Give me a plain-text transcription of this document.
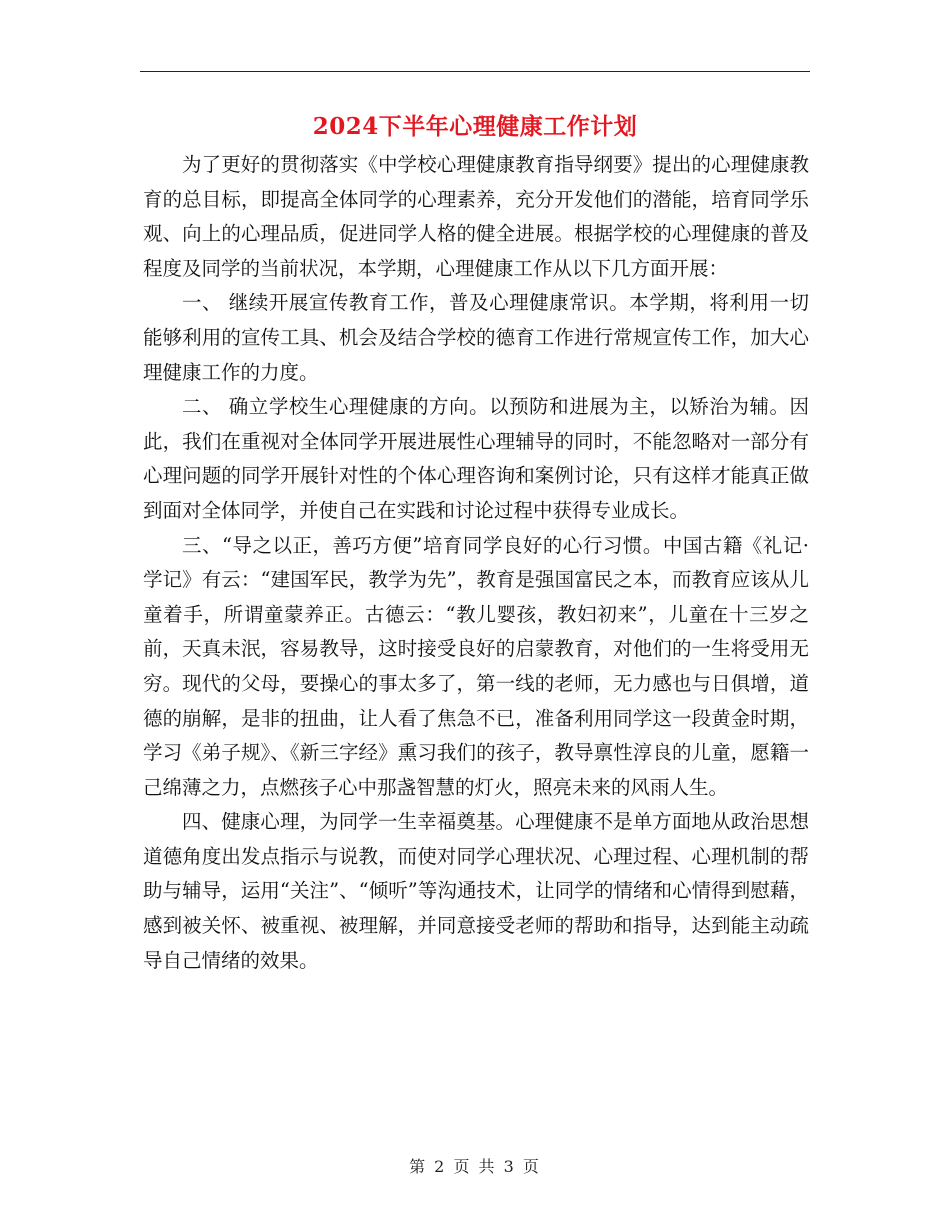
2024下半年心理健康工作计划

为了更好的贯彻落实《中学校心理健康教育指导纲要》提出的心理健康教育的总目标，即提高全体同学的心理素养，充分开发他们的潜能，培育同学乐观、向上的心理品质，促进同学人格的健全进展。根据学校的心理健康的普及程度及同学的当前状况，本学期，心理健康工作从以下几方面开展：

一、 继续开展宣传教育工作，普及心理健康常识。本学期，将利用一切能够利用的宣传工具、机会及结合学校的德育工作进行常规宣传工作，加大心理健康工作的力度。

二、 确立学校生心理健康的方向。以预防和进展为主，以矫治为辅。因此，我们在重视对全体同学开展进展性心理辅导的同时，不能忽略对一部分有心理问题的同学开展针对性的个体心理咨询和案例讨论，只有这样才能真正做到面对全体同学，并使自己在实践和讨论过程中获得专业成长。

三、“导之以正，善巧方便”培育同学良好的心行习惯。中国古籍《礼记·学记》有云：“建国军民，教学为先”，教育是强国富民之本，而教育应该从儿童着手，所谓童蒙养正。古德云：“教儿婴孩，教妇初来”，儿童在十三岁之前，天真未泯，容易教导，这时接受良好的启蒙教育，对他们的一生将受用无穷。现代的父母，要操心的事太多了，第一线的老师，无力感也与日俱增，道德的崩解，是非的扭曲，让人看了焦急不已，准备利用同学这一段黄金时期，学习《弟子规》、《新三字经》熏习我们的孩子，教导禀性淳良的儿童，愿籍一己绵薄之力，点燃孩子心中那盏智慧的灯火，照亮未来的风雨人生。

四、健康心理，为同学一生幸福奠基。心理健康不是单方面地从政治思想道德角度出发点指示与说教，而使对同学心理状况、心理过程、心理机制的帮助与辅导，运用“关注”、“倾听”等沟通技术，让同学的情绪和心情得到慰藉，感到被关怀、被重视、被理解，并同意接受老师的帮助和指导，达到能主动疏导自己情绪的效果。

第 2 页 共 3 页
